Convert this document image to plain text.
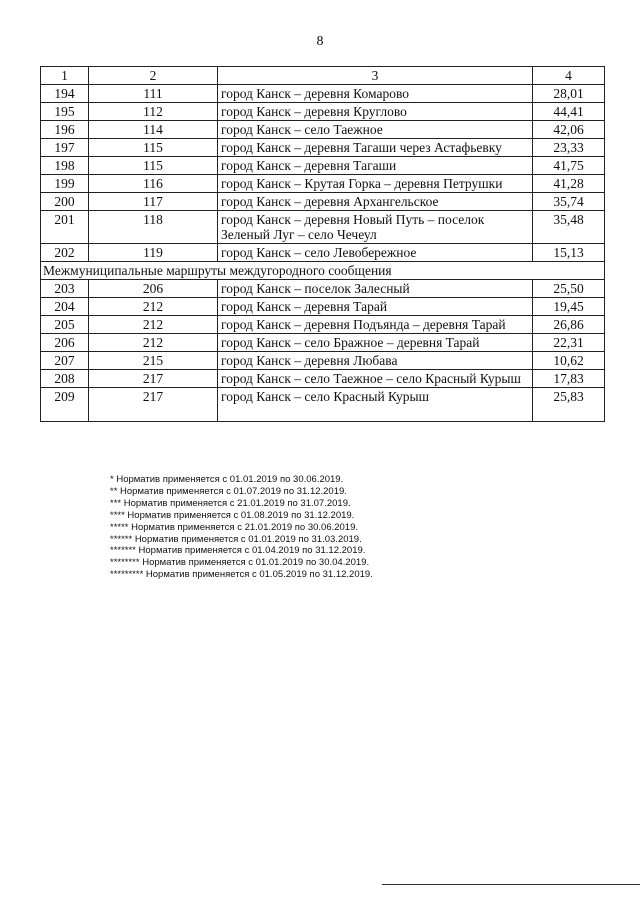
8
1	2	3	4
194	111	город Канск – деревня Комарово	28,01
195	112	город Канск – деревня Круглово	44,41
196	114	город Канск – село Таежное	42,06
197	115	город Канск – деревня Тагаши через Астафьевку	23,33
198	115	город Канск – деревня Тагаши	41,75
199	116	город Канск – Крутая Горка – деревня Петрушки	41,28
200	117	город Канск – деревня Архангельское	35,74
201	118	город Канск – деревня Новый Путь – поселок Зеленый Луг – село Чечеул	35,48
202	119	город Канск – село Левобережное	15,13
Межмуниципальные маршруты междугородного сообщения			
203	206	город Канск – поселок Залесный	25,50
204	212	город Канск – деревня Тарай	19,45
205	212	город Канск – деревня Подъянда – деревня Тарай	26,86
206	212	город Канск – село Бражное – деревня Тарай	22,31
207	215	город Канск – деревня Любава	10,62
208	217	город Канск – село Таежное – село Красный Курыш	17,83
209	217	город Канск – село Красный Курыш	25,83
* Норматив применяется с 01.01.2019 по 30.06.2019.
** Норматив применяется с 01.07.2019 по 31.12.2019.
*** Норматив применяется с 21.01.2019 по 31.07.2019.
**** Норматив применяется с 01.08.2019 по 31.12.2019.
***** Норматив применяется с 21.01.2019 по 30.06.2019.
****** Норматив применяется с 01.01.2019 по 31.03.2019.
******* Норматив применяется с 01.04.2019 по 31.12.2019.
******** Норматив применяется с 01.01.2019 по 30.04.2019.
********* Норматив применяется с 01.05.2019 по 31.12.2019.
